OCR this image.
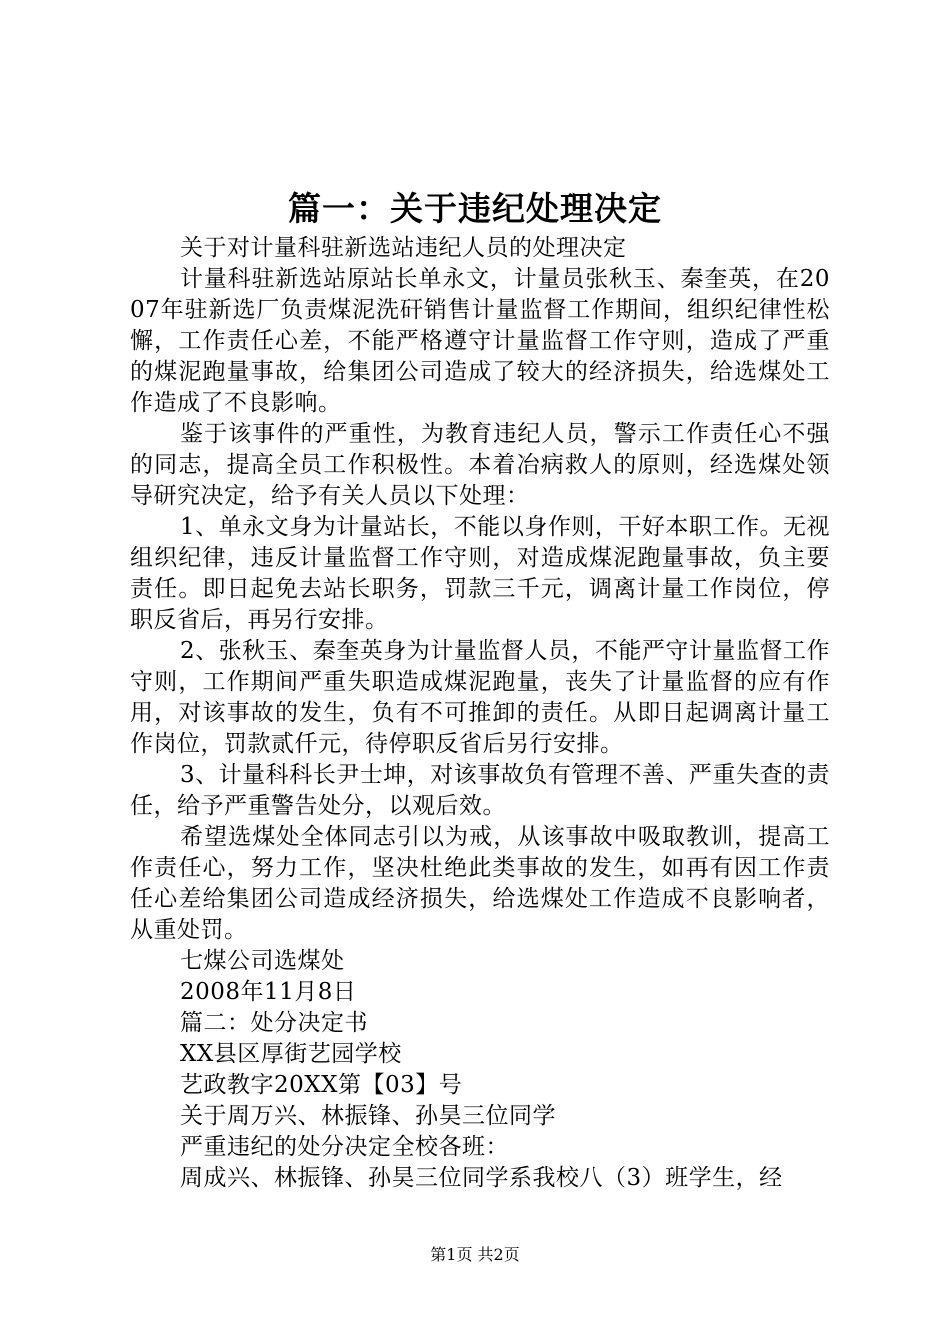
篇一：关于违纪处理决定

关于对计量科驻新选站违纪人员的处理决定

计量科驻新选站原站长单永文，计量员张秋玉、秦奎英，在2007年驻新选厂负责煤泥洗矸销售计量监督工作期间，组织纪律性松懈，工作责任心差，不能严格遵守计量监督工作守则，造成了严重的煤泥跑量事故，给集团公司造成了较大的经济损失，给选煤处工作造成了不良影响。

鉴于该事件的严重性，为教育违纪人员，警示工作责任心不强的同志，提高全员工作积极性。本着冶病救人的原则，经选煤处领导研究决定，给予有关人员以下处理：

1、单永文身为计量站长，不能以身作则，干好本职工作。无视组织纪律，违反计量监督工作守则，对造成煤泥跑量事故，负主要责任。即日起免去站长职务，罚款三千元，调离计量工作岗位，停职反省后，再另行安排。

2、张秋玉、秦奎英身为计量监督人员，不能严守计量监督工作守则，工作期间严重失职造成煤泥跑量，丧失了计量监督的应有作用，对该事故的发生，负有不可推卸的责任。从即日起调离计量工作岗位，罚款贰仟元，待停职反省后另行安排。

3、计量科科长尹士坤，对该事故负有管理不善、严重失查的责任，给予严重警告处分，以观后效。

希望选煤处全体同志引以为戒，从该事故中吸取教训，提高工作责任心，努力工作，坚决杜绝此类事故的发生，如再有因工作责任心差给集团公司造成经济损失，给选煤处工作造成不良影响者，从重处罚。

七煤公司选煤处

2008年11月8日

篇二：处分决定书

XX县区厚街艺园学校

艺政教字20XX第【03】号

关于周万兴、林振锋、孙昊三位同学

严重违纪的处分决定全校各班：

周成兴、林振锋、孙昊三位同学系我校八（3）班学生，经

第1页 共2页
